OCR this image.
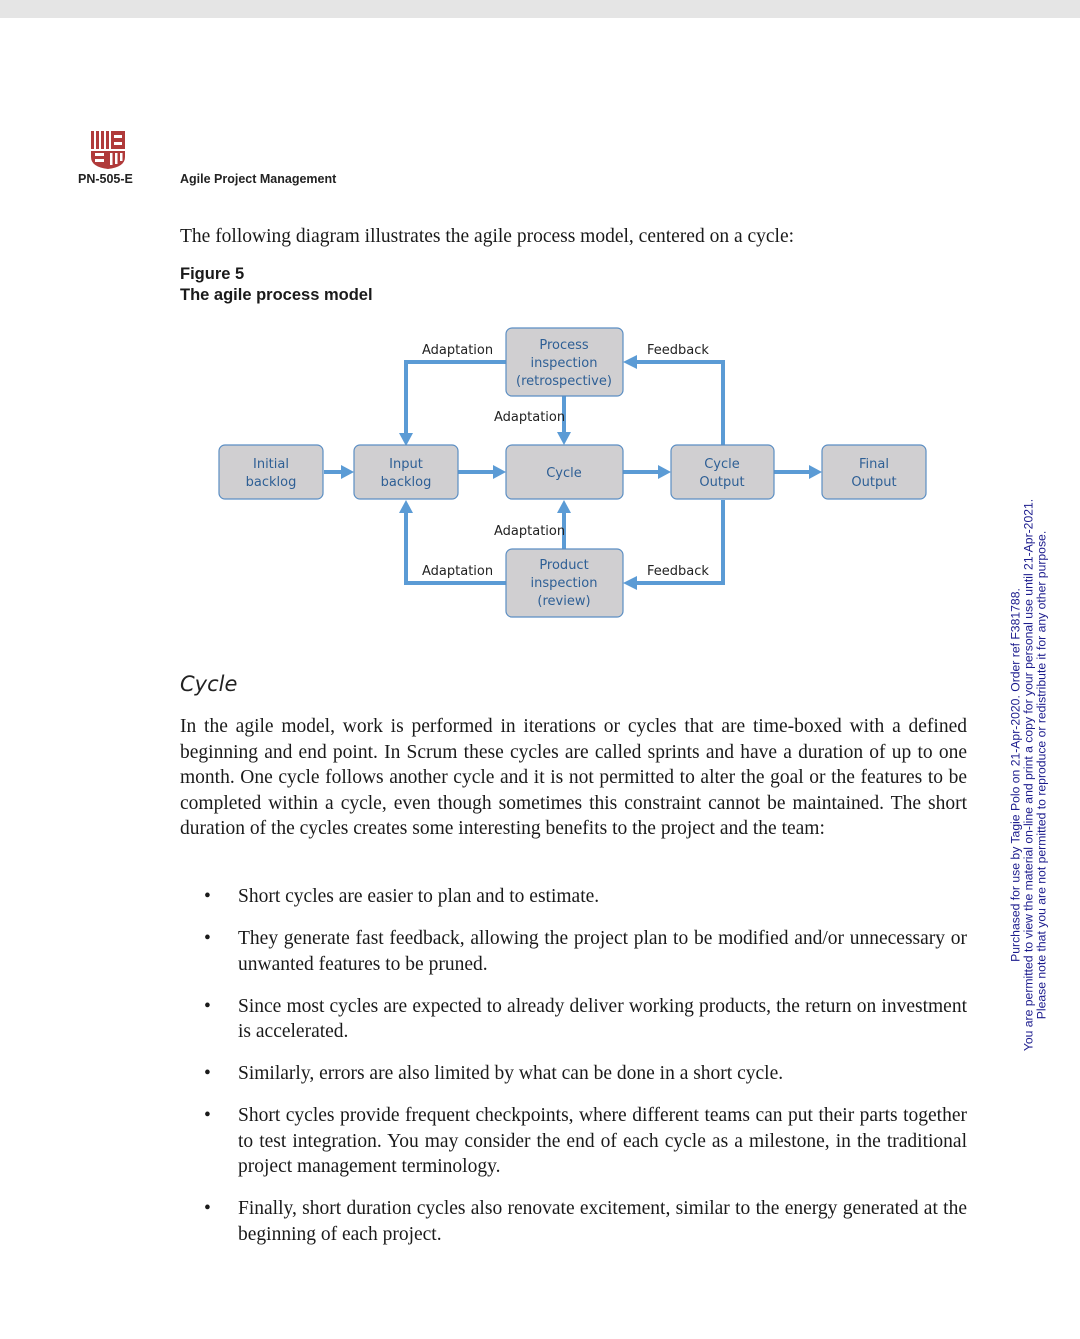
PN-505-E	Agile Project Management
The following diagram illustrates the agile process model, centered on a cycle:
Figure 5
The agile process model
Initial
backlog
Input
backlog
Cycle
Cycle
Output
Final
Output
Process
inspection
(retrospective)
Product
inspection
(review)
Adaptation	Feedback
Adaptation
Adaptation
Adaptation	Feedback
Cycle

In the agile model, work is performed in iterations or cycles that are time-boxed with a defined beginning and end point. In Scrum these cycles are called sprints and have a duration of up to one month. One cycle follows another cycle and it is not permitted to alter the goal or the features to be completed within a cycle, even though sometimes this constraint cannot be maintained. The short duration of the cycles creates some interesting benefits to the project and the team:

• Short cycles are easier to plan and to estimate.
• They generate fast feedback, allowing the project plan to be modified and/or unnecessary or unwanted features to be pruned.
• Since most cycles are expected to already deliver working products, the return on investment is accelerated.
• Similarly, errors are also limited by what can be done in a short cycle.
• Short cycles provide frequent checkpoints, where different teams can put their parts together to test integration. You may consider the end of each cycle as a milestone, in the traditional project management terminology.
• Finally, short duration cycles also renovate excitement, similar to the energy generated at the beginning of each project.
Purchased for use by Tagie Polo on 21-Apr-2020. Order ref F381788. You are permitted to view the material on-line and print a copy for your personal use until 21-Apr-2021. Please note that you are not permitted to reproduce or redistribute it for any other purpose.
